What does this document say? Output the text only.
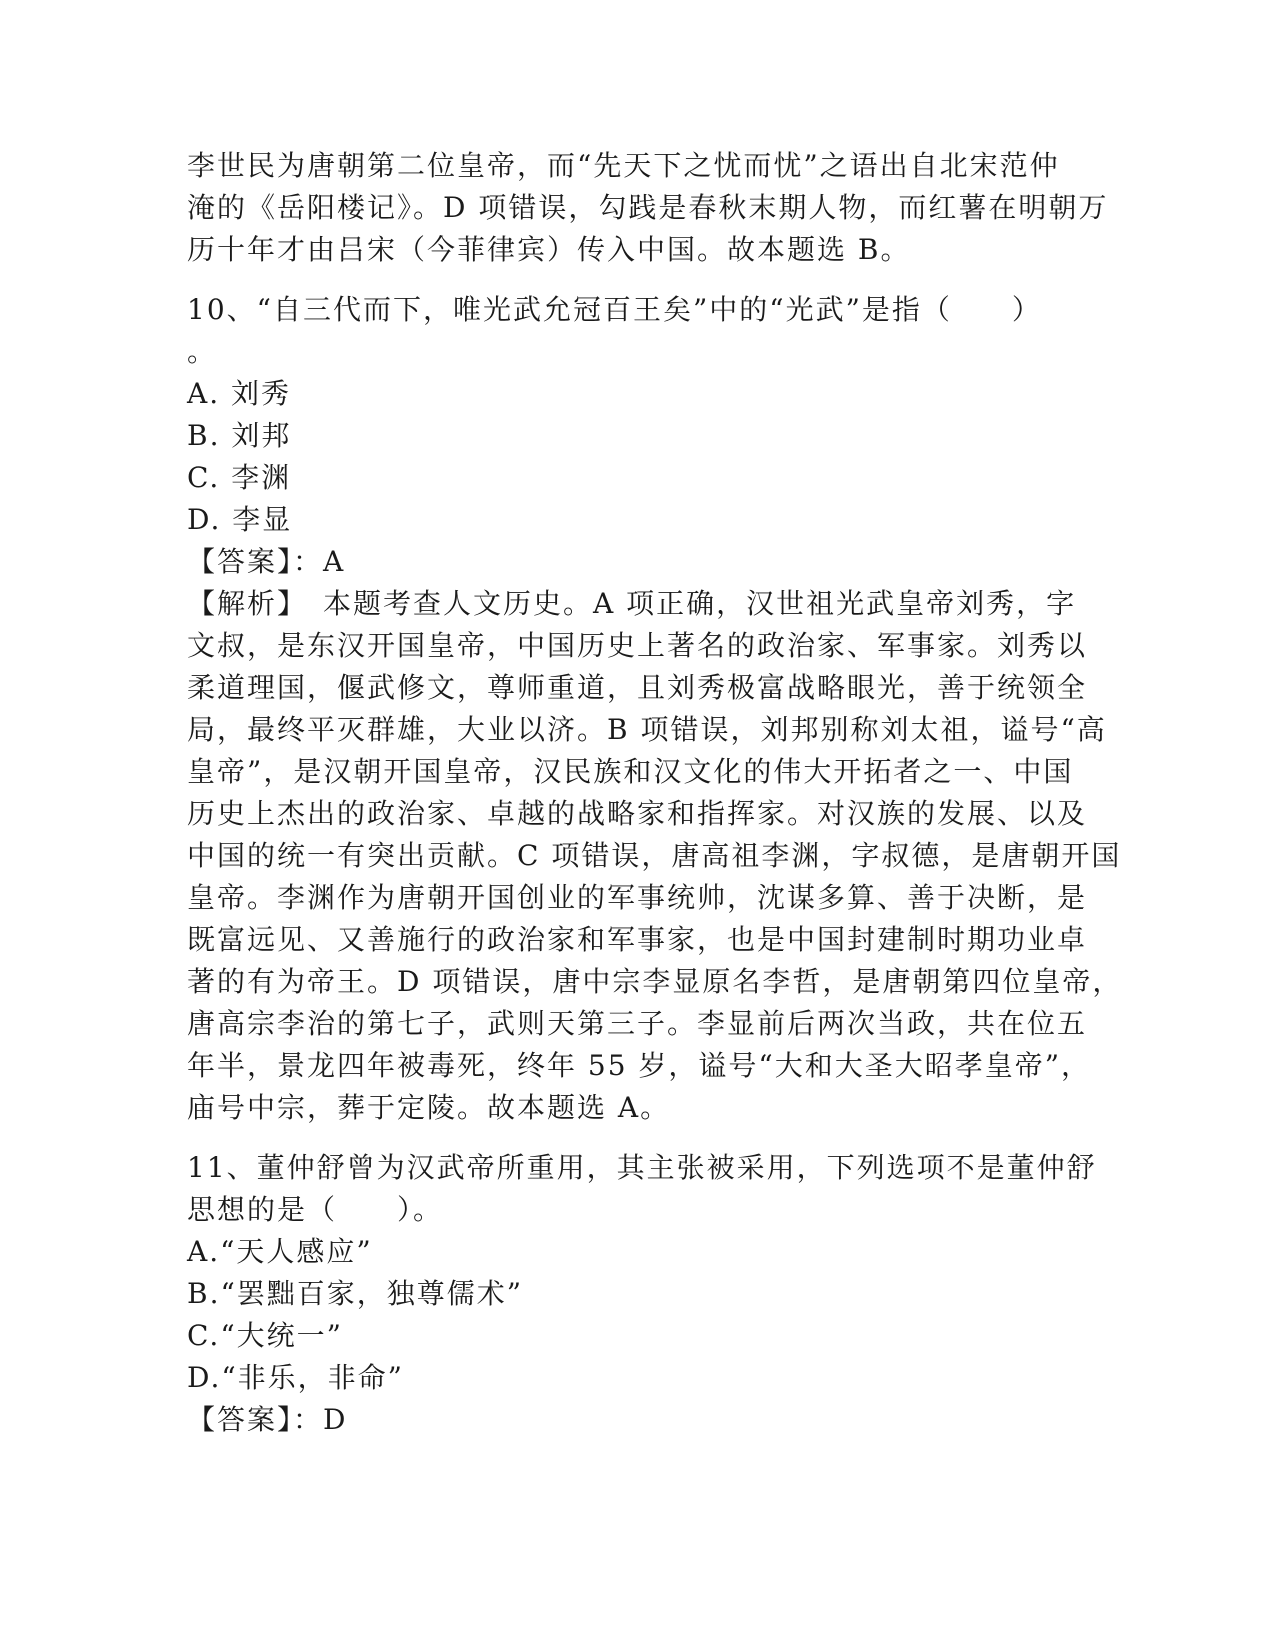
李世民为唐朝第二位皇帝，而“先天下之忧而忧”之语出自北宋范仲
淹的《岳阳楼记》。D 项错误，勾践是春秋末期人物，而红薯在明朝万
历十年才由吕宋（今菲律宾）传入中国。故本题选 B。
10、“自三代而下，唯光武允冠百王矣”中的“光武”是指（　　）
。
A. 刘秀
B. 刘邦
C. 李渊
D. 李显
【答案】：A
【解析】　本题考查人文历史。A 项正确，汉世祖光武皇帝刘秀，字
文叔，是东汉开国皇帝，中国历史上著名的政治家、军事家。刘秀以
柔道理国，偃武修文，尊师重道，且刘秀极富战略眼光，善于统领全
局，最终平灭群雄，大业以济。B 项错误，刘邦别称刘太祖，谥号“高
皇帝”，是汉朝开国皇帝，汉民族和汉文化的伟大开拓者之一、中国
历史上杰出的政治家、卓越的战略家和指挥家。对汉族的发展、以及
中国的统一有突出贡献。C 项错误，唐高祖李渊，字叔德，是唐朝开国
皇帝。李渊作为唐朝开国创业的军事统帅，沈谋多算、善于决断，是
既富远见、又善施行的政治家和军事家，也是中国封建制时期功业卓
著的有为帝王。D 项错误，唐中宗李显原名李哲，是唐朝第四位皇帝，
唐高宗李治的第七子，武则天第三子。李显前后两次当政，共在位五
年半，景龙四年被毒死，终年 55 岁，谥号“大和大圣大昭孝皇帝”，
庙号中宗，葬于定陵。故本题选 A。
11、董仲舒曾为汉武帝所重用，其主张被采用，下列选项不是董仲舒
思想的是（　　）。
A.“天人感应”
B.“罢黜百家，独尊儒术”
C.“大统一”
D.“非乐，非命”
【答案】：D
